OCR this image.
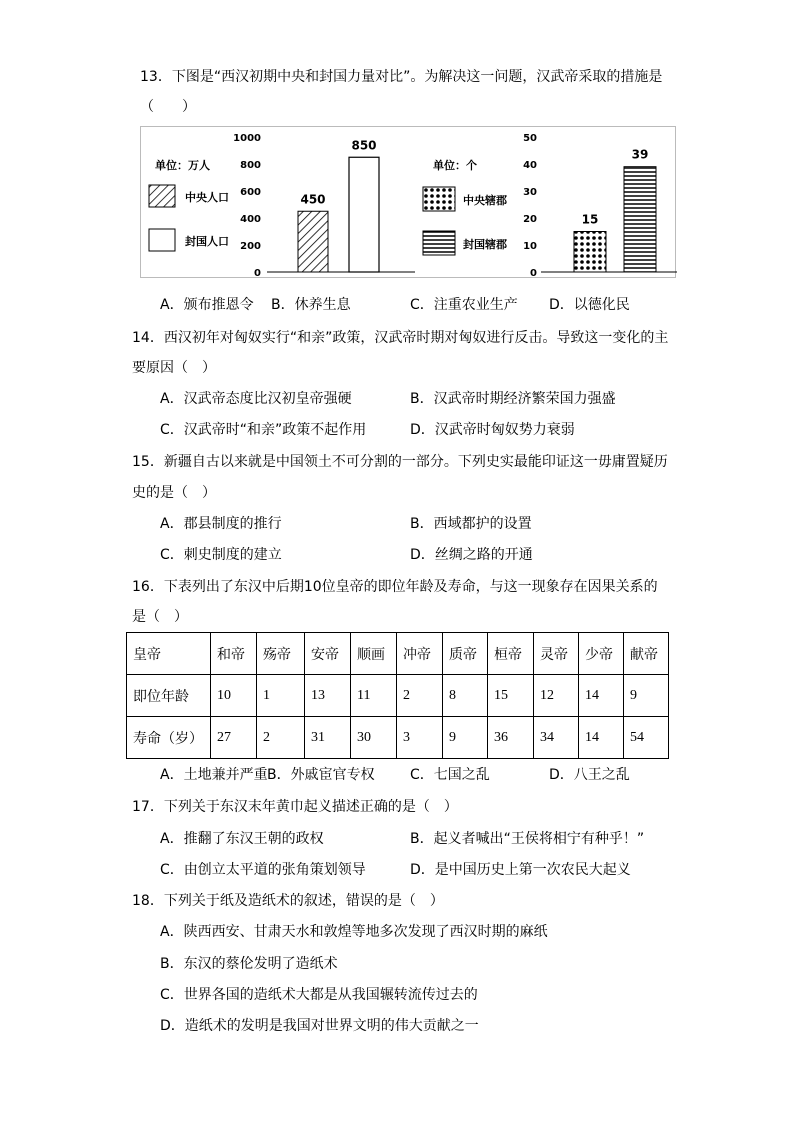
13．下图是“西汉初期中央和封国力量对比”。为解决这一问题，汉武帝采取的措施是
（　　）
单位：万人
中央人口
封国人口
1000
800
600
400
200
0
450
850
单位：个
中央辖郡
封国辖郡
50
40
30
20
10
0
15
39
A．颁布推恩令 B．休养生息	C．注重农业生产 D．以德化民
14．西汉初年对匈奴实行“和亲”政策，汉武帝时期对匈奴进行反击。导致这一变化的主
要原因（　）
A．汉武帝态度比汉初皇帝强硬	B．汉武帝时期经济繁荣国力强盛
C．汉武帝时“和亲”政策不起作用	D．汉武帝时匈奴势力衰弱
15．新疆自古以来就是中国领土不可分割的一部分。下列史实最能印证这一毋庸置疑历
史的是（　）
A．郡县制度的推行	B．西域都护的设置
C．刺史制度的建立	D．丝绸之路的开通
16．下表列出了东汉中后期10位皇帝的即位年龄及寿命，与这一现象存在因果关系的
是（　）
皇帝	和帝	殇帝	安帝	顺画	冲帝	质帝	桓帝	灵帝	少帝	献帝
即位年龄	10	1	13	11	2	8	15	12	14	9
寿命（岁）	27	2	31	30	3	9	36	34	14	54
A．土地兼并严重 B．外戚宦官专权	C．七国之乱	D．八王之乱
17．下列关于东汉末年黄巾起义描述正确的是（　）
A．推翻了东汉王朝的政权	B．起义者喊出“王侯将相宁有种乎！”
C．由创立太平道的张角策划领导	D．是中国历史上第一次农民大起义
18．下列关于纸及造纸术的叙述，错误的是（　）
A．陕西西安、甘肃天水和敦煌等地多次发现了西汉时期的麻纸
B．东汉的蔡伦发明了造纸术
C．世界各国的造纸术大都是从我国辗转流传过去的
D．造纸术的发明是我国对世界文明的伟大贡献之一
